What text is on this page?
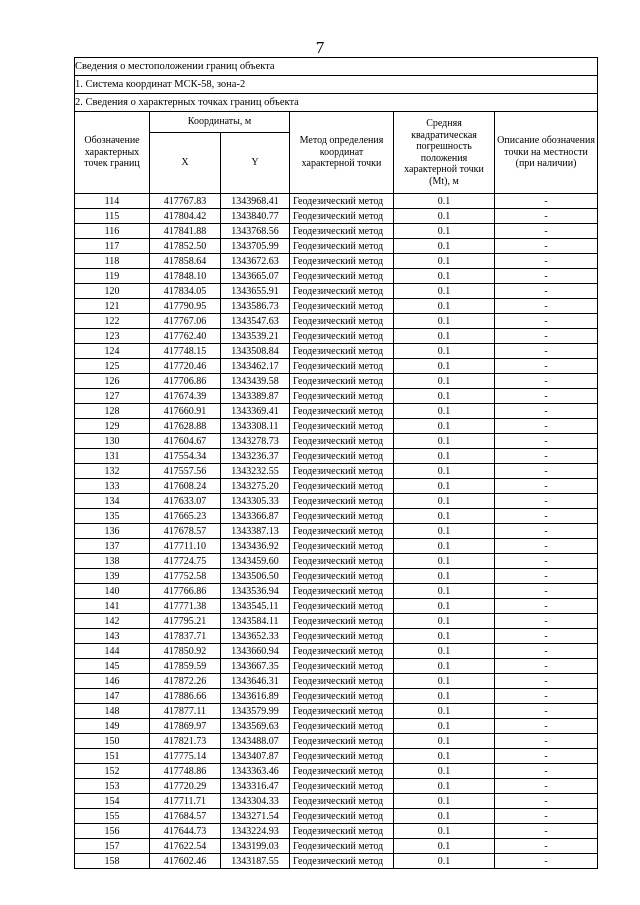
7
Сведения о местоположении границ объекта					
1. Система координат МСК-58, зона-2					
2. Сведения о характерных точках границ объекта					
Обозначение характерных точек границ	Координаты, м		Метод определения координат характерной точки	Средняя квадратическая погрешность положения характерной точки (Mt), м	Описание обозначения точки на местности (при наличии)
	X	Y			
114	417767.83	1343968.41	Геодезический метод	0.1	-
115	417804.42	1343840.77	Геодезический метод	0.1	-
116	417841.88	1343768.56	Геодезический метод	0.1	-
117	417852.50	1343705.99	Геодезический метод	0.1	-
118	417858.64	1343672.63	Геодезический метод	0.1	-
119	417848.10	1343665.07	Геодезический метод	0.1	-
120	417834.05	1343655.91	Геодезический метод	0.1	-
121	417790.95	1343586.73	Геодезический метод	0.1	-
122	417767.06	1343547.63	Геодезический метод	0.1	-
123	417762.40	1343539.21	Геодезический метод	0.1	-
124	417748.15	1343508.84	Геодезический метод	0.1	-
125	417720.46	1343462.17	Геодезический метод	0.1	-
126	417706.86	1343439.58	Геодезический метод	0.1	-
127	417674.39	1343389.87	Геодезический метод	0.1	-
128	417660.91	1343369.41	Геодезический метод	0.1	-
129	417628.88	1343308.11	Геодезический метод	0.1	-
130	417604.67	1343278.73	Геодезический метод	0.1	-
131	417554.34	1343236.37	Геодезический метод	0.1	-
132	417557.56	1343232.55	Геодезический метод	0.1	-
133	417608.24	1343275.20	Геодезический метод	0.1	-
134	417633.07	1343305.33	Геодезический метод	0.1	-
135	417665.23	1343366.87	Геодезический метод	0.1	-
136	417678.57	1343387.13	Геодезический метод	0.1	-
137	417711.10	1343436.92	Геодезический метод	0.1	-
138	417724.75	1343459.60	Геодезический метод	0.1	-
139	417752.58	1343506.50	Геодезический метод	0.1	-
140	417766.86	1343536.94	Геодезический метод	0.1	-
141	417771.38	1343545.11	Геодезический метод	0.1	-
142	417795.21	1343584.11	Геодезический метод	0.1	-
143	417837.71	1343652.33	Геодезический метод	0.1	-
144	417850.92	1343660.94	Геодезический метод	0.1	-
145	417859.59	1343667.35	Геодезический метод	0.1	-
146	417872.26	1343646.31	Геодезический метод	0.1	-
147	417886.66	1343616.89	Геодезический метод	0.1	-
148	417877.11	1343579.99	Геодезический метод	0.1	-
149	417869.97	1343569.63	Геодезический метод	0.1	-
150	417821.73	1343488.07	Геодезический метод	0.1	-
151	417775.14	1343407.87	Геодезический метод	0.1	-
152	417748.86	1343363.46	Геодезический метод	0.1	-
153	417720.29	1343316.47	Геодезический метод	0.1	-
154	417711.71	1343304.33	Геодезический метод	0.1	-
155	417684.57	1343271.54	Геодезический метод	0.1	-
156	417644.73	1343224.93	Геодезический метод	0.1	-
157	417622.54	1343199.03	Геодезический метод	0.1	-
158	417602.46	1343187.55	Геодезический метод	0.1	-
